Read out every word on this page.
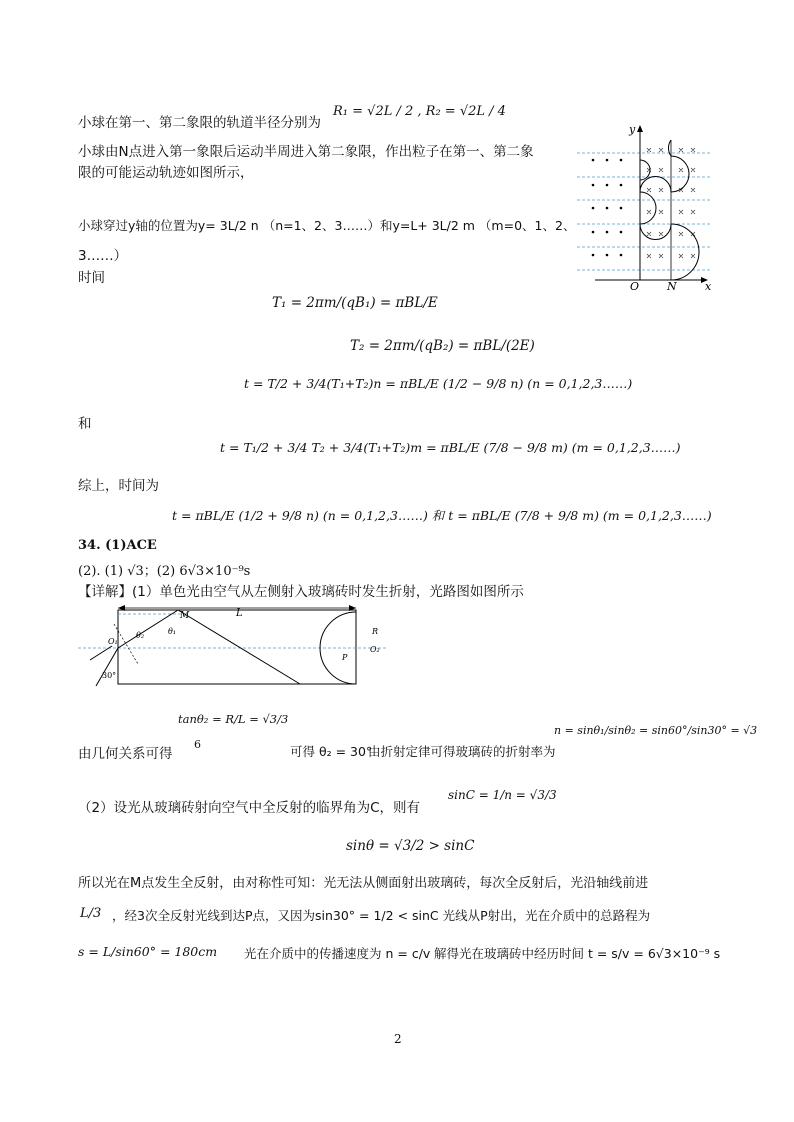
小球在第一、第二象限的轨道半径分别为
R₁ = √2L / 2 , R₂ = √2L / 4
小球由N点进入第一象限后运动半周进入第二象限，作出粒子在第一、第二象
限的可能运动轨迹如图所示，
小球穿过y轴的位置为y= 3L/2 n （n=1、2、3……）和y=L+ 3L/2 m （m=0、1、2、
3……）
时间
y
x
O	N
T₁ = 2πm/(qB₁) = πBL/E
T₂ = 2πm/(qB₂) = πBL/(2E)
t = T/2 + 3/4(T₁+T₂)n = πBL/E (1/2 − 9/8 n) (n = 0,1,2,3……)
和
t = T₁/2 + 3/4 T₂ + 3/4(T₁+T₂)m = πBL/E (7/8 − 9/8 m) (m = 0,1,2,3……)
综上，时间为
t = πBL/E (1/2 + 9/8 n) (n = 0,1,2,3……) 和 t = πBL/E (7/8 + 9/8 m) (m = 0,1,2,3……)
34. (1)ACE
(2). (1) √3；(2) 6√3×10⁻⁹s
【详解】(1）单色光由空气从左侧射入玻璃砖时发生折射，光路图如图所示
L
M
O₁
O₂
P
R
θ₁
θ₂
30°
tanθ₂ = R/L = √3/3
6
由几何关系可得	可得 θ₂ = 30°
由折射定律可得玻璃砖的折射率为
n = sinθ₁/sinθ₂ = sin60°/sin30° = √3
（2）设光从玻璃砖射向空气中全反射的临界角为C，则有
sinC = 1/n = √3/3
sinθ = √3/2 > sinC
所以光在M点发生全反射，由对称性可知：光无法从侧面射出玻璃砖，每次全反射后，光沿轴线前进
L/3 ，经3次全反射光线到达P点，又因为sin30° = 1/2 < sinC 光线从P射出，光在介质中的总路程为
s = L/sin60° = 180cm 光在介质中的传播速度为 n = c/v 解得光在玻璃砖中经历时间 t = s/v = 6√3×10⁻⁹ s
2
